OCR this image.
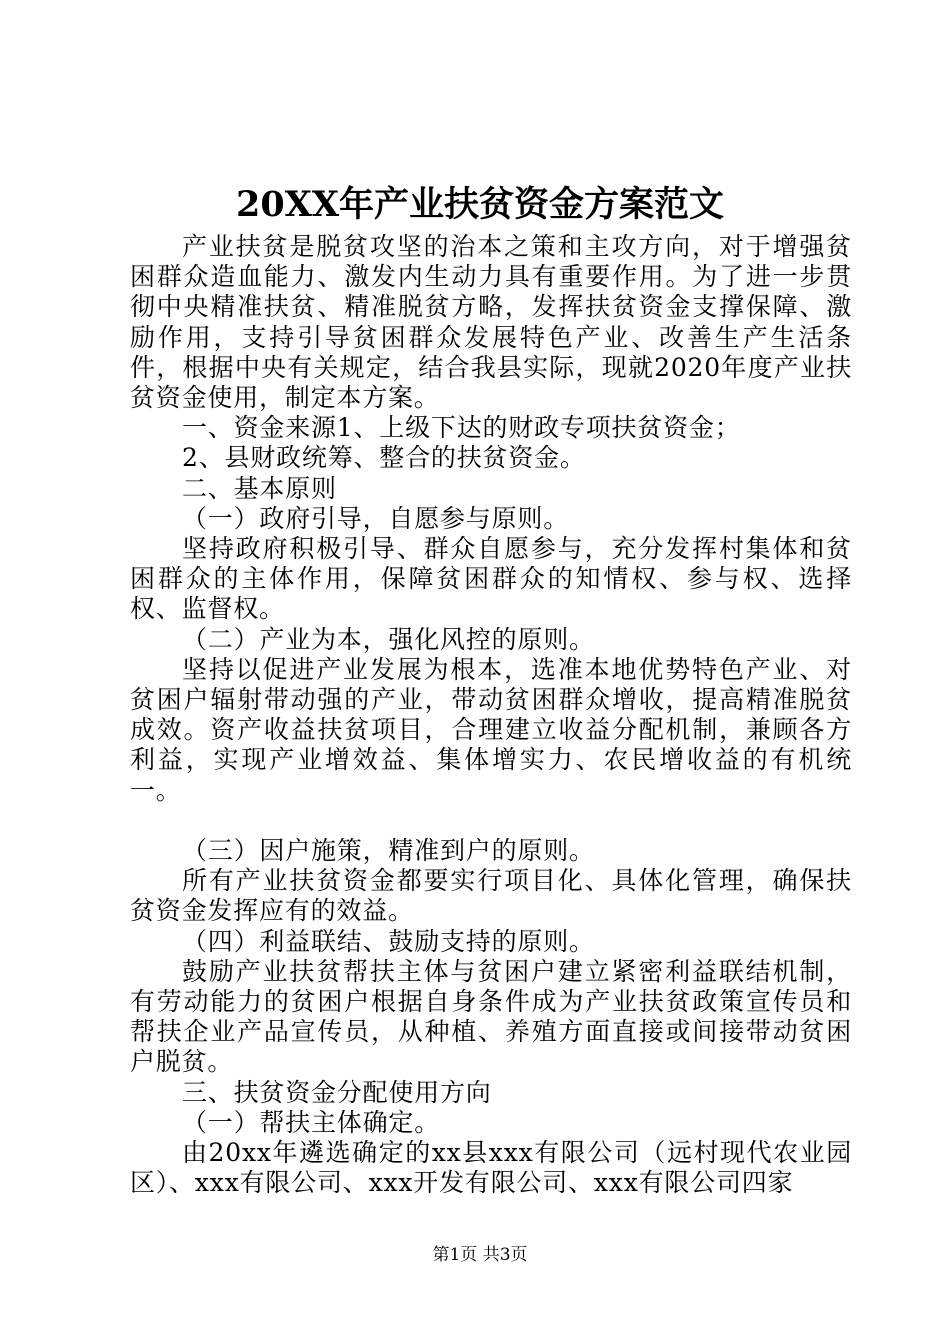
20XX年产业扶贫资金方案范文

产业扶贫是脱贫攻坚的治本之策和主攻方向，对于增强贫困群众造血能力、激发内生动力具有重要作用。为了进一步贯彻中央精准扶贫、精准脱贫方略，发挥扶贫资金支撑保障、激励作用，支持引导贫困群众发展特色产业、改善生产生活条件，根据中央有关规定，结合我县实际，现就2020年度产业扶贫资金使用，制定本方案。

一、资金来源1、上级下达的财政专项扶贫资金；

2、县财政统筹、整合的扶贫资金。

二、基本原则

（一）政府引导，自愿参与原则。

坚持政府积极引导、群众自愿参与，充分发挥村集体和贫困群众的主体作用，保障贫困群众的知情权、参与权、选择权、监督权。

（二）产业为本，强化风控的原则。

坚持以促进产业发展为根本，选准本地优势特色产业、对贫困户辐射带动强的产业，带动贫困群众增收，提高精准脱贫成效。资产收益扶贫项目，合理建立收益分配机制，兼顾各方利益，实现产业增效益、集体增实力、农民增收益的有机统一。

（三）因户施策，精准到户的原则。

所有产业扶贫资金都要实行项目化、具体化管理，确保扶贫资金发挥应有的效益。

（四）利益联结、鼓励支持的原则。

鼓励产业扶贫帮扶主体与贫困户建立紧密利益联结机制，有劳动能力的贫困户根据自身条件成为产业扶贫政策宣传员和帮扶企业产品宣传员，从种植、养殖方面直接或间接带动贫困户脱贫。

三、扶贫资金分配使用方向

（一）帮扶主体确定。

由20xx年遴选确定的xx县xxx有限公司（远村现代农业园区）、xxx有限公司、xxx开发有限公司、xxx有限公司四家

第1页 共3页
